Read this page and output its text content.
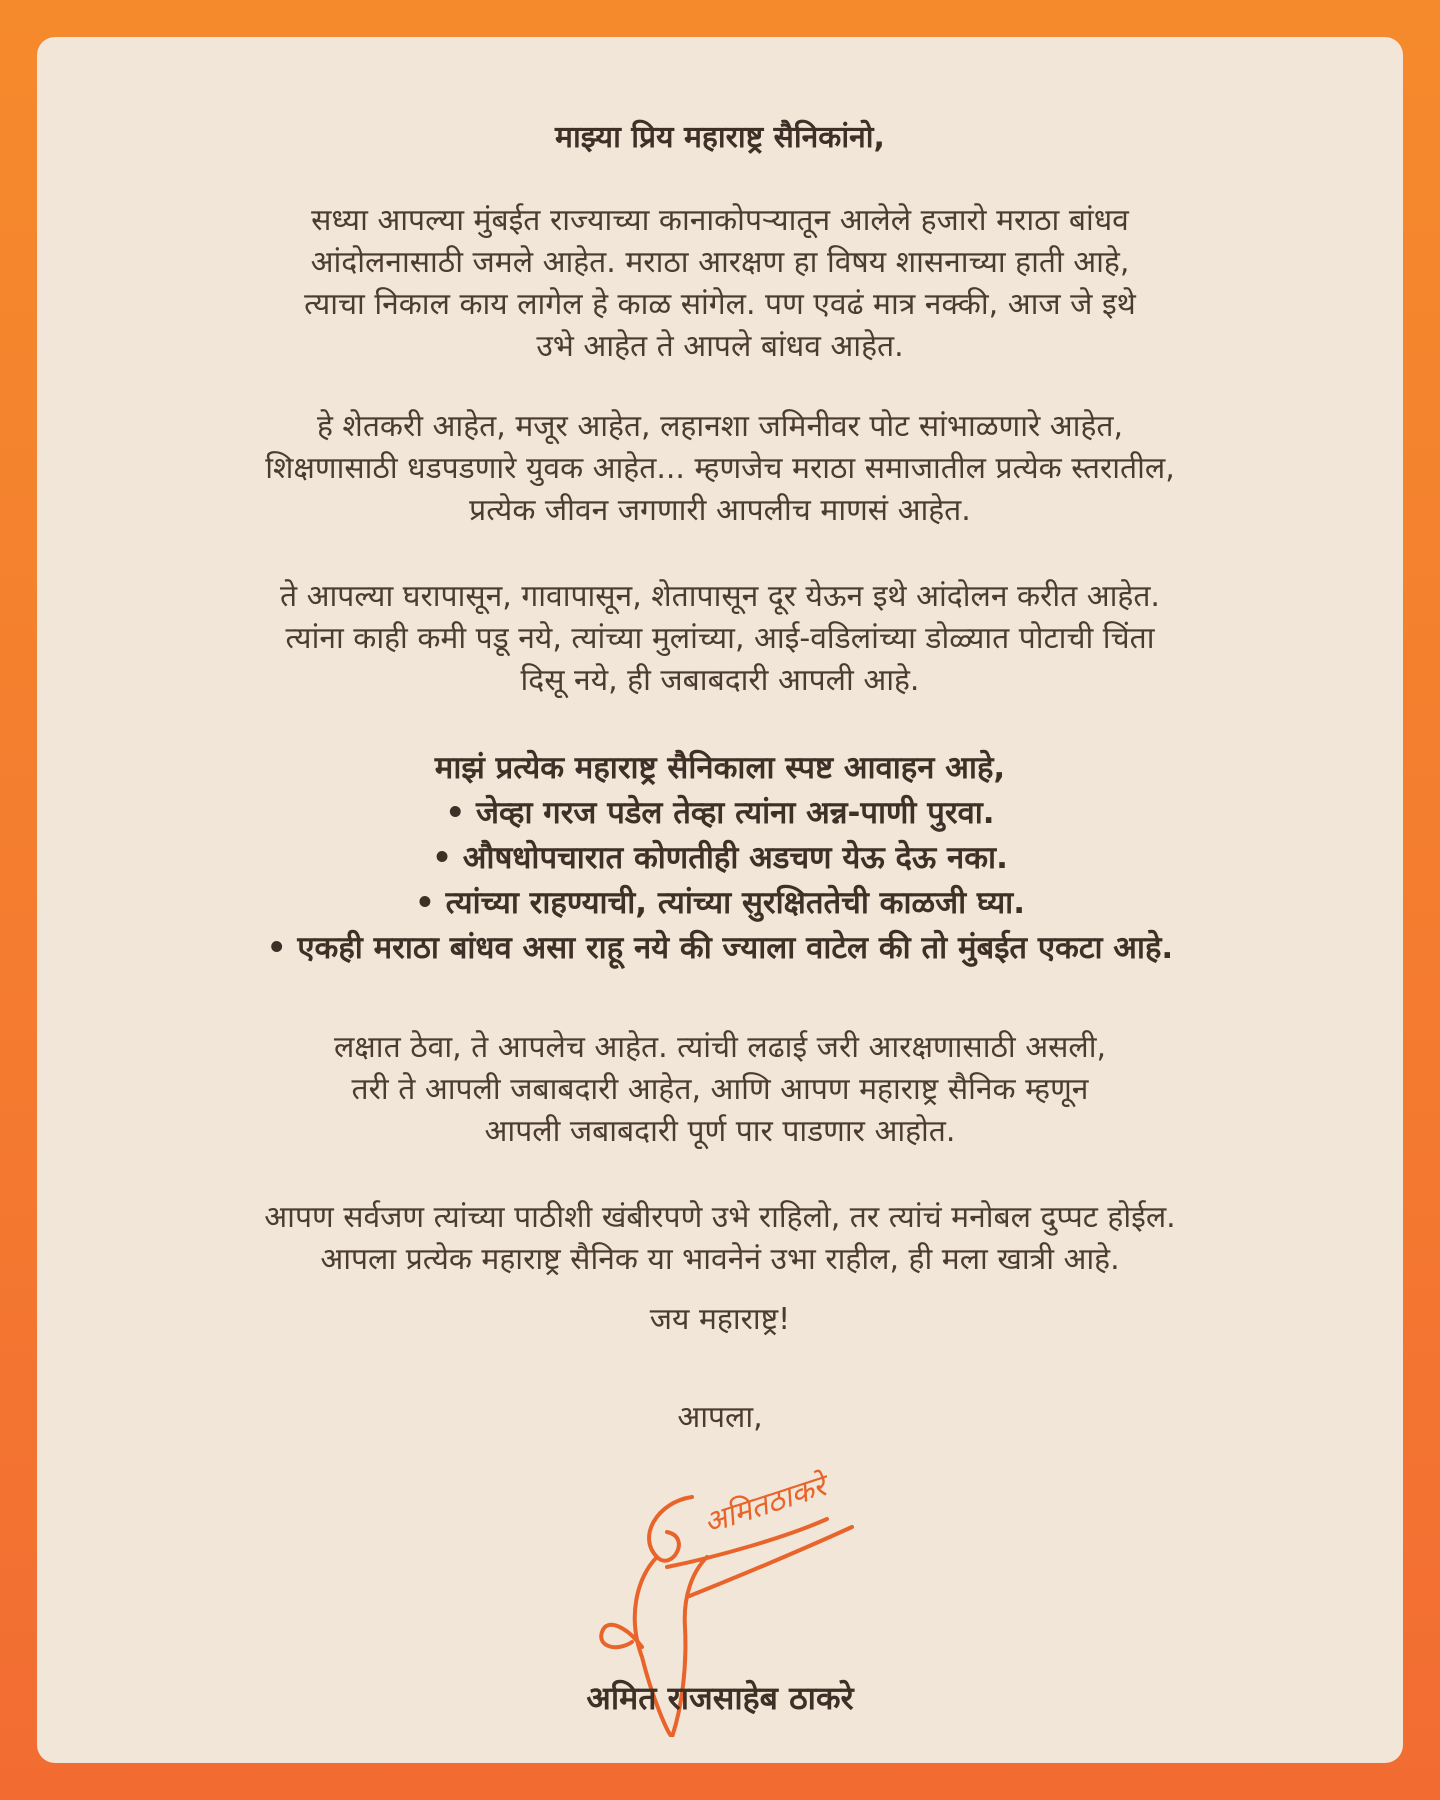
माझ्या प्रिय महाराष्ट्र सैनिकांनो,
सध्या आपल्या मुंबईत राज्याच्या कानाकोपऱ्यातून आलेले हजारो मराठा बांधव
आंदोलनासाठी जमले आहेत. मराठा आरक्षण हा विषय शासनाच्या हाती आहे,
त्याचा निकाल काय लागेल हे काळ सांगेल. पण एवढं मात्र नक्की, आज जे इथे
उभे आहेत ते आपले बांधव आहेत.
हे शेतकरी आहेत, मजूर आहेत, लहानशा जमिनीवर पोट सांभाळणारे आहेत,
शिक्षणासाठी धडपडणारे युवक आहेत... म्हणजेच मराठा समाजातील प्रत्येक स्तरातील,
प्रत्येक जीवन जगणारी आपलीच माणसं आहेत.
ते आपल्या घरापासून, गावापासून, शेतापासून दूर येऊन इथे आंदोलन करीत आहेत.
त्यांना काही कमी पडू नये, त्यांच्या मुलांच्या, आई-वडिलांच्या डोळ्यात पोटाची चिंता
दिसू नये, ही जबाबदारी आपली आहे.
माझं प्रत्येक महाराष्ट्र सैनिकाला स्पष्ट आवाहन आहे,
• जेव्हा गरज पडेल तेव्हा त्यांना अन्न-पाणी पुरवा.
• औषधोपचारात कोणतीही अडचण येऊ देऊ नका.
• त्यांच्या राहण्याची, त्यांच्या सुरक्षिततेची काळजी घ्या.
• एकही मराठा बांधव असा राहू नये की ज्याला वाटेल की तो मुंबईत एकटा आहे.
लक्षात ठेवा, ते आपलेच आहेत. त्यांची लढाई जरी आरक्षणासाठी असली,
तरी ते आपली जबाबदारी आहेत, आणि आपण महाराष्ट्र सैनिक म्हणून
आपली जबाबदारी पूर्ण पार पाडणार आहोत.
आपण सर्वजण त्यांच्या पाठीशी खंबीरपणे उभे राहिलो, तर त्यांचं मनोबल दुप्पट होईल.
आपला प्रत्येक महाराष्ट्र सैनिक या भावनेनं उभा राहील, ही मला खात्री आहे.
जय महाराष्ट्र!
आपला,
अमितठाकरे
अमित राजसाहेब ठाकरे
